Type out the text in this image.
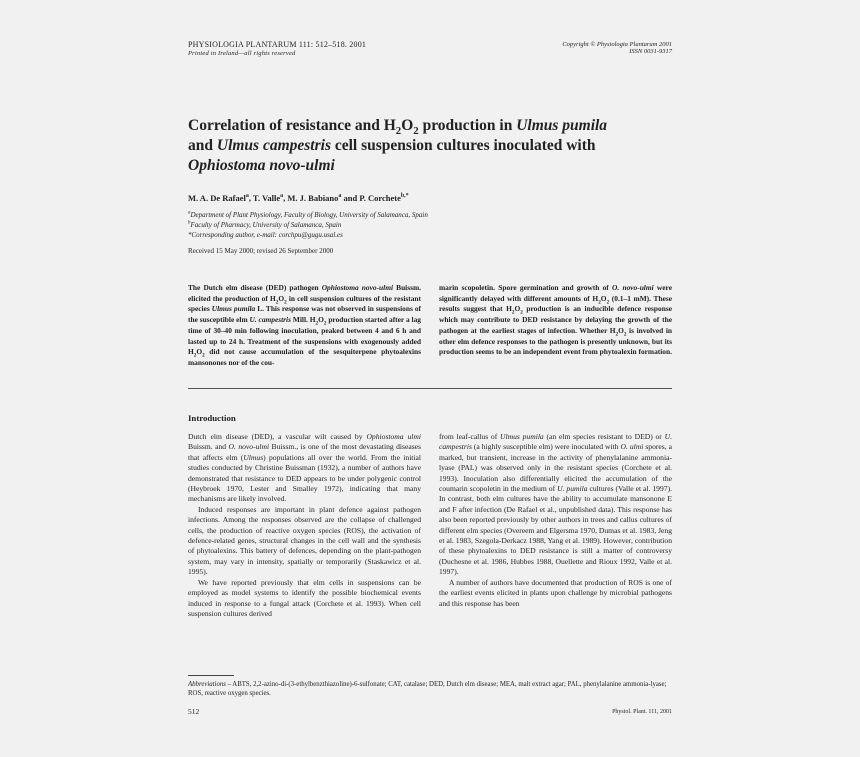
PHYSIOLOGIA PLANTARUM 111: 512–518. 2001
Printed in Ireland—all rights reserved
Copyright © Physiologia Plantarum 2001
ISSN 0031-9317
Correlation of resistance and $H_2O_2$ production in Ulmus pumila
and Ulmus campestris cell suspension cultures inoculated with
Ophiostoma novo-ulmi
M. A. De Rafael$^a$, T. Valle$^a$, M. J. Babiano$^a$ and P. Corchete$^{b,*}$
$^a$Department of Plant Physiology, Faculty of Biology, University of Salamanca, Spain
$^b$Faculty of Pharmacy, University of Salamanca, Spain
*Corresponding author, e-mail: corchpu@gugu.usal.es
Received 15 May 2000; revised 26 September 2000
The Dutch elm disease (DED) pathogen Ophiostoma novo-ulmi Buissm. elicited the production of $H_2O_2$ in cell suspension cultures of the resistant species Ulmus pumila L. This response was not observed in suspensions of the susceptible elm U. campestris Mill. $H_2O_2$ production started after a lag time of 30–40 min following inoculation, peaked between 4 and 6 h and lasted up to 24 h. Treatment of the suspensions with exogenously added $H_2O_2$ did not cause accumulation of the sesquiterpene phytoalexins mansonones nor of the cou-
marin scopoletin. Spore germination and growth of O. novo-ulmi were significantly delayed with different amounts of $H_2O_2$ (0.1–1 mM). These results suggest that $H_2O_2$ production is an inducible defence response which may contribute to DED resistance by delaying the growth of the pathogen at the earliest stages of infection. Whether $H_2O_2$ is involved in other elm defence responses to the pathogen is presently unknown, but its production seems to be an independent event from phytoalexin formation.
Introduction

Dutch elm disease (DED), a vascular wilt caused by Ophiostoma ulmi Buissm. and O. novo-ulmi Buissm., is one of the most devastating diseases that affects elm (Ulmus) populations all over the world. From the initial studies conducted by Christine Buissman (1932), a number of authors have demonstrated that resistance to DED appears to be under polygenic control (Heybroek 1970, Lester and Smalley 1972), indicating that many mechanisms are likely involved.

Induced responses are important in plant defence against pathogen infections. Among the responses observed are the collapse of challenged cells, the production of reactive oxygen species (ROS), the activation of defence-related genes, structural changes in the cell wall and the synthesis of phytoalexins. This battery of defences, depending on the plant-pathogen system, may vary in intensity, spatially or temporarily (Staskawicz et al. 1995).

We have reported previously that elm cells in suspensions can be employed as model systems to identify the possible biochemical events induced in response to a fungal attack (Corchete et al. 1993). When cell suspension cultures derived

from leaf-callus of Ulmus pumila (an elm species resistant to DED) or U. campestris (a highly susceptible elm) were inoculated with O. ulmi spores, a marked, but transient, increase in the activity of phenylalanine ammonia-lyase (PAL) was observed only in the resistant species (Corchete et al. 1993). Inoculation also differentially elicited the accumulation of the coumarin scopoletin in the medium of U. pumila cultures (Valle et al. 1997). In contrast, both elm cultures have the ability to accumulate mansonone E and F after infection (De Rafael et al., unpublished data). This response has also been reported previously by other authors in trees and callus cultures of different elm species (Overeem and Elgersma 1970, Dumas et al. 1983, Jeng et al. 1983, Szegola-Derkacz 1988, Yang et al. 1989). However, contribution of these phytoalexins to DED resistance is still a matter of controversy (Duchesne et al. 1986, Hubbes 1988, Ouellette and Rioux 1992, Valle et al. 1997).

A number of authors have documented that production of ROS is one of the earliest events elicited in plants upon challenge by microbial pathogens and this response has been

Abbreviations – ABTS, 2,2-azino-di-(3-ethylbenzthiazoline)-6-sulfonate; CAT, catalase; DED, Dutch elm disease; MEA, malt extract agar; PAL, phenylalanine ammonia-lyase; ROS, reactive oxygen species.
512	Physiol. Plant. 111, 2001
